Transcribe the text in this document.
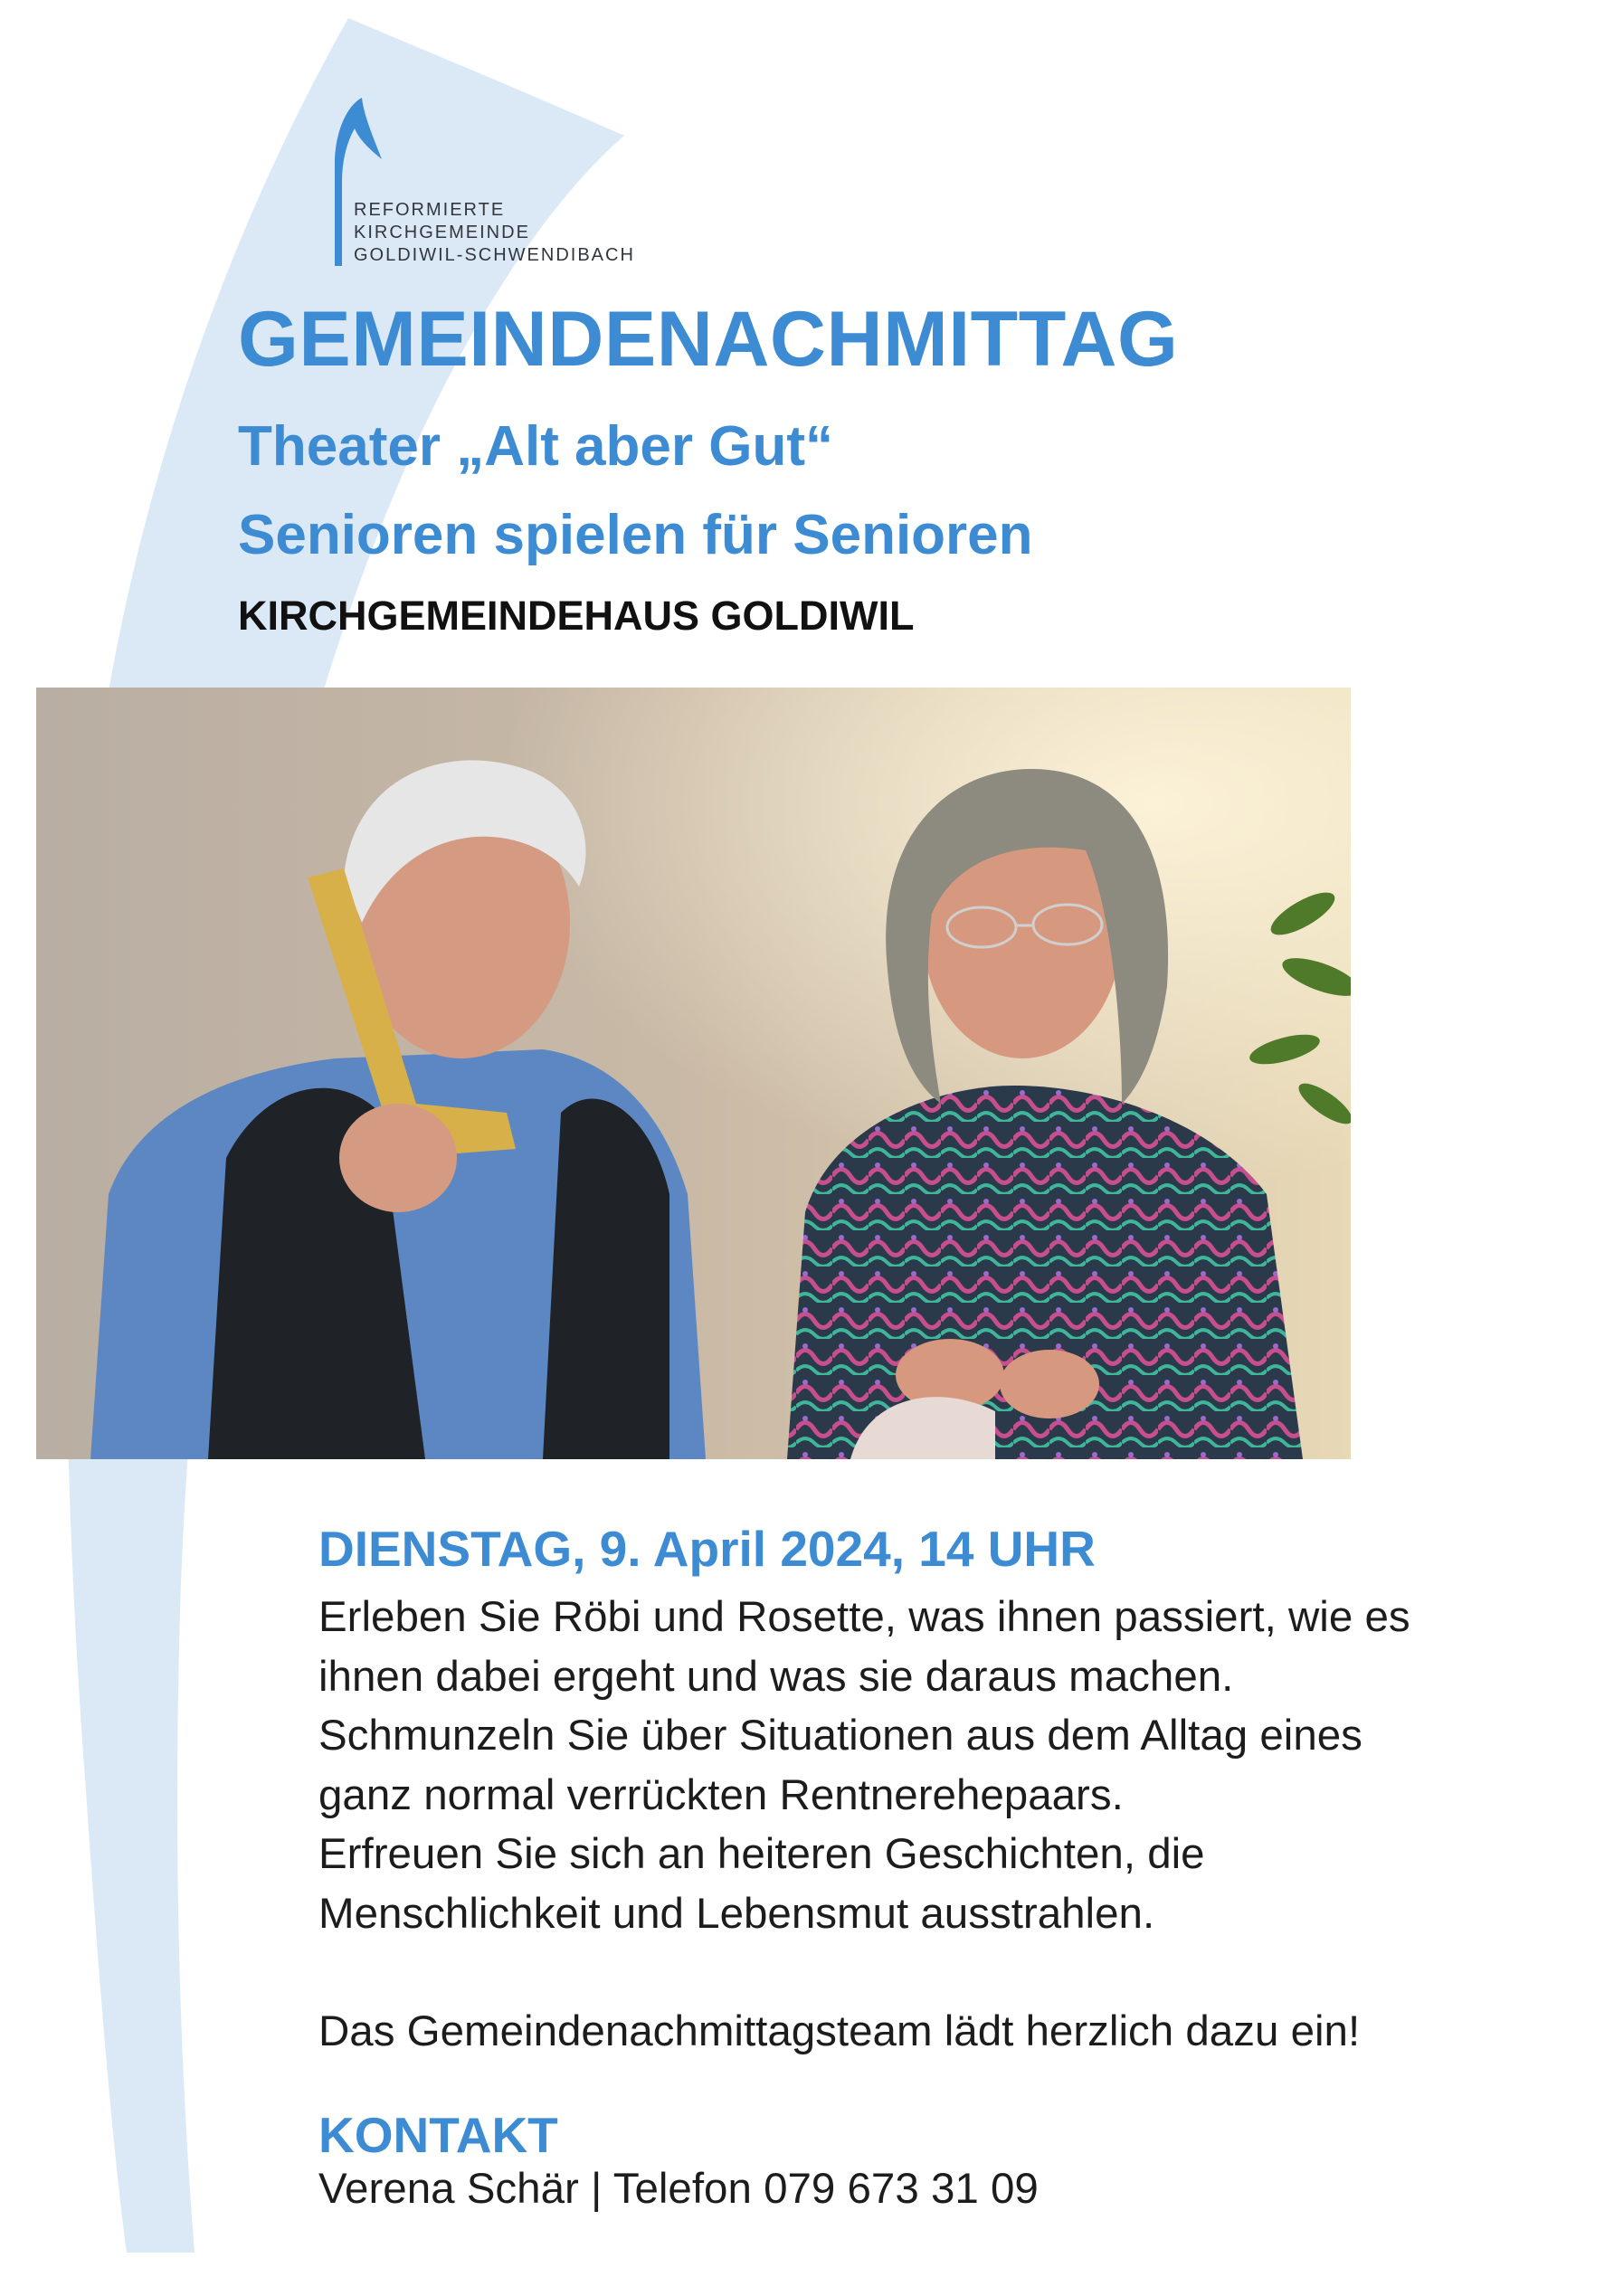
REFORMIERTE
KIRCHGEMEINDE
GOLDIWIL-SCHWENDIBACH
GEMEINDENACHMITTAG
Theater „Alt aber Gut“
Senioren spielen für Senioren
KIRCHGEMEINDEHAUS GOLDIWIL
DIENSTAG, 9. April 2024, 14 UHR
Erleben Sie Röbi und Rosette, was ihnen passiert, wie es
ihnen dabei ergeht und was sie daraus machen.
Schmunzeln Sie über Situationen aus dem Alltag eines
ganz normal verrückten Rentnerehepaars.
Erfreuen Sie sich an heiteren Geschichten, die
Menschlichkeit und Lebensmut ausstrahlen.
Das Gemeindenachmittagsteam lädt herzlich dazu ein!
KONTAKT
Verena Schär | Telefon 079 673 31 09
